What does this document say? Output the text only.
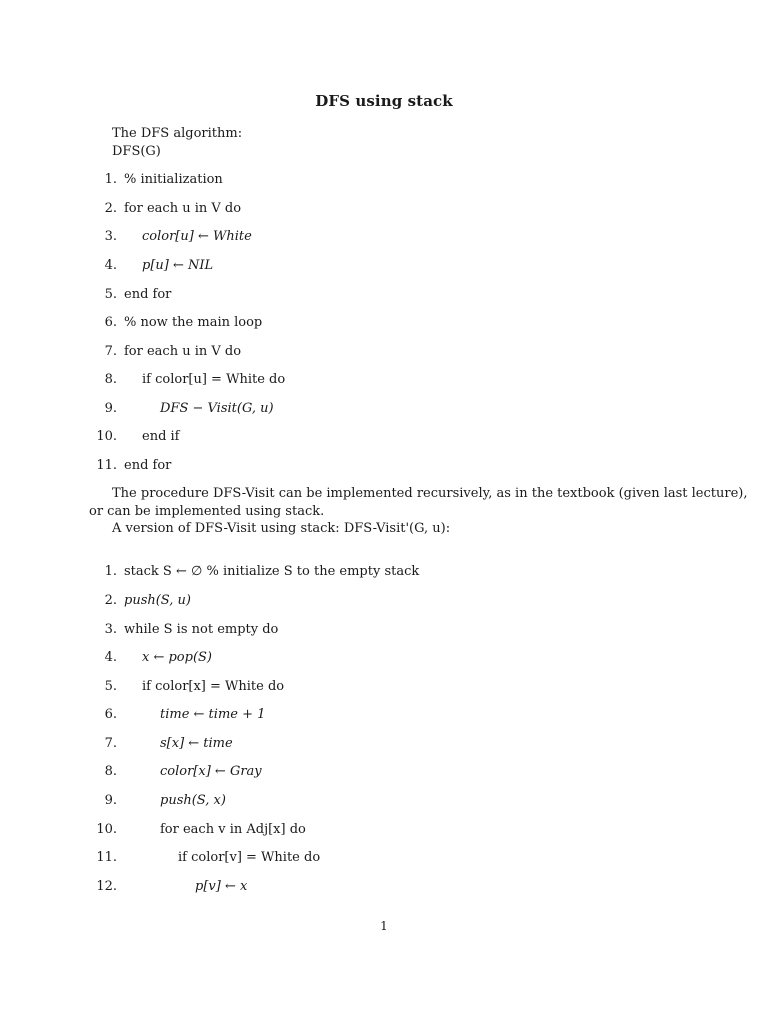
DFS using stack
The DFS algorithm:
DFS(G)
1. % initialization
2. for each u in V do
3. color[u] ← White
4. p[u] ← NIL
5. end for
6. % now the main loop
7. for each u in V do
8. if color[u] = White do
9.	DFS − Visit(G, u)
10. end if
11. end for
The procedure DFS-Visit can be implemented recursively, as in the textbook (given last lecture),
or can be implemented using stack.
A version of DFS-Visit using stack: DFS-Visit'(G, u):
1. stack S ← ∅ % initialize S to the empty stack
2. push(S, u)
3. while S is not empty do
4. x ← pop(S)
5. if color[x] = White do
6.	time ← time + 1
7.	s[x] ← time
8.	color[x] ← Gray
9.	push(S, x)
10.	for each v in Adj[x] do
11.	if color[v] = White do
12.	p[v] ← x
1
